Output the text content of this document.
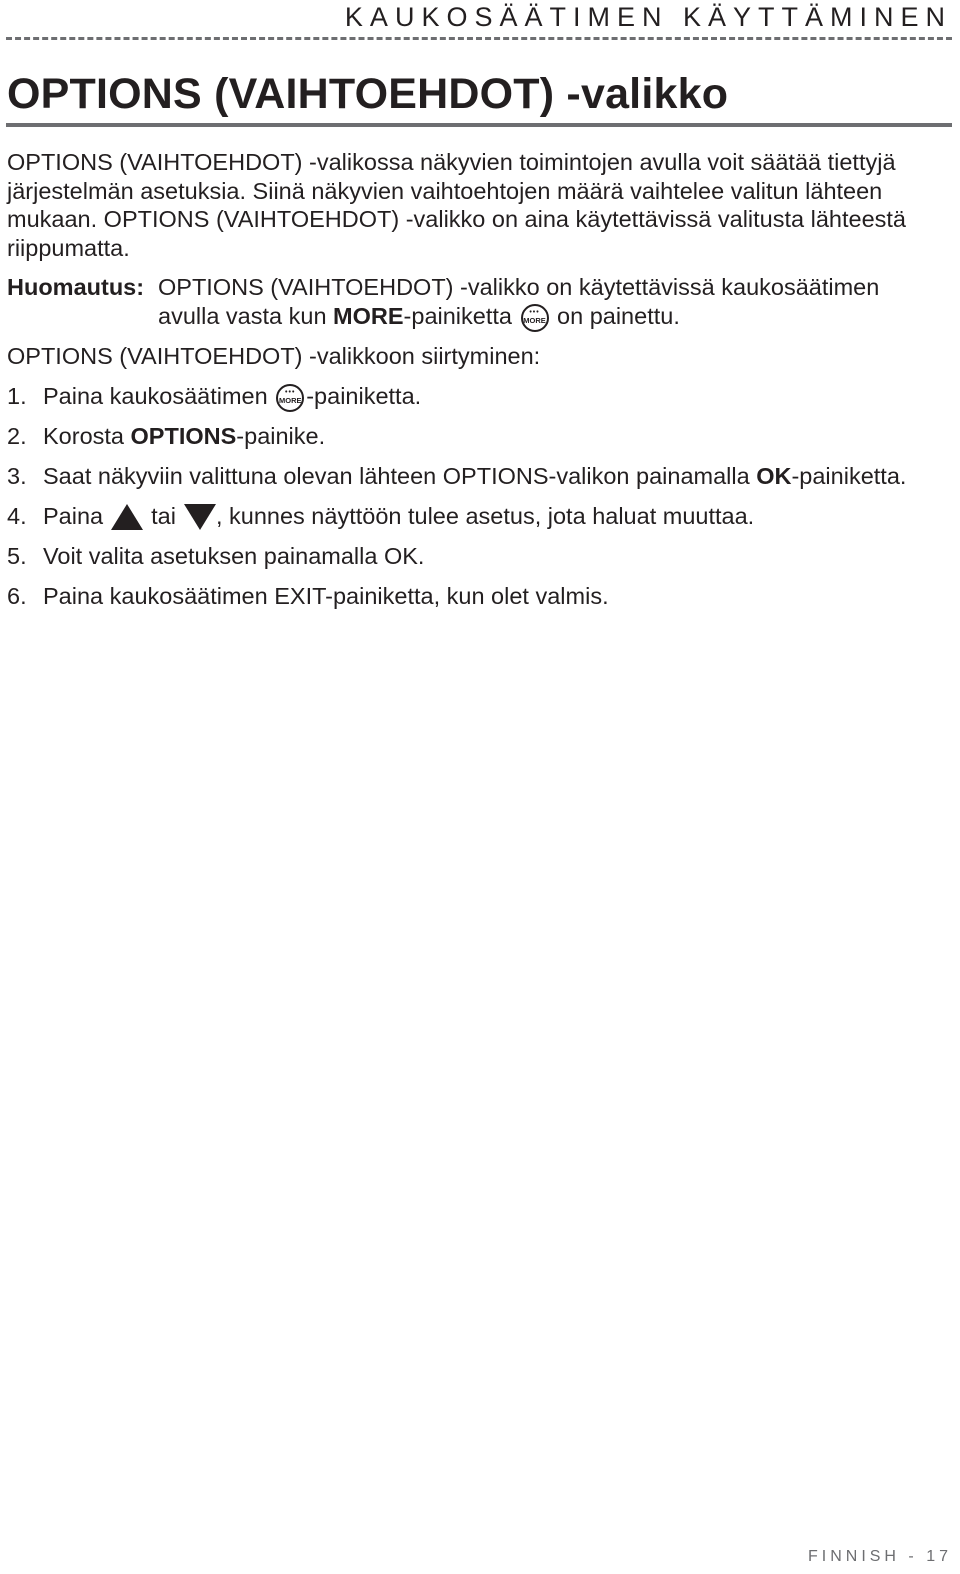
KAUKOSÄÄTIMEN KÄYTTÄMINEN
OPTIONS (VAIHTOEHDOT) -valikko

OPTIONS (VAIHTOEHDOT) -valikossa näkyvien toimintojen avulla voit säätää tiettyjä järjestelmän asetuksia. Siinä näkyvien vaihtoehtojen määrä vaihtelee valitun lähteen mukaan. OPTIONS (VAIHTOEHDOT) -valikko on aina käytettävissä valitusta lähteestä riippumatta.

Huomautus: OPTIONS (VAIHTOEHDOT) -valikko on käytettävissä kaukosäätimen avulla vasta kun MORE-painiketta	•••
MORE on painettu.

OPTIONS (VAIHTOEHDOT) -valikkoon siirtyminen:

1. Paina kaukosäätimen	•••
MORE -painiketta.
2. Korosta OPTIONS-painike.
3. Saat näkyviin valittuna olevan lähteen OPTIONS-valikon painamalla OK-painiketta.
4. Paina tai , kunnes näyttöön tulee asetus, jota haluat muuttaa.
5. Voit valita asetuksen painamalla OK.
6. Paina kaukosäätimen EXIT-painiketta, kun olet valmis.
FINNISH - 17
